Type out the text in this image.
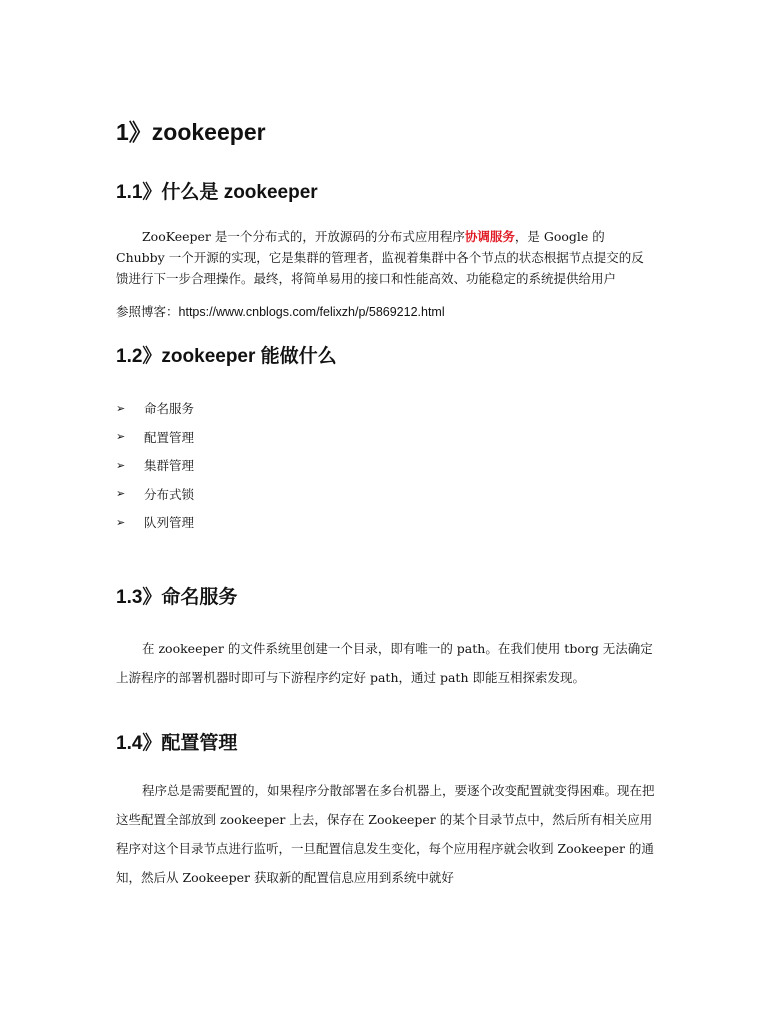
1》zookeeper
1.1》什么是 zookeeper
ZooKeeper 是一个分布式的，开放源码的分布式应用程序协调服务，是 Google 的 Chubby 一个开源的实现，它是集群的管理者，监视着集群中各个节点的状态根据节点提交的反馈进行下一步合理操作。最终，将简单易用的接口和性能高效、功能稳定的系统提供给用户
参照博客：https://www.cnblogs.com/felixzh/p/5869212.html
1.2》zookeeper 能做什么
➢	命名服务
➢	配置管理
➢	集群管理
➢	分布式锁
➢	队列管理
1.3》命名服务
在 zookeeper 的文件系统里创建一个目录，即有唯一的 path。在我们使用 tborg 无法确定上游程序的部署机器时即可与下游程序约定好 path，通过 path 即能互相探索发现。
1.4》配置管理
程序总是需要配置的，如果程序分散部署在多台机器上，要逐个改变配置就变得困难。现在把这些配置全部放到 zookeeper 上去，保存在 Zookeeper 的某个目录节点中，然后所有相关应用程序对这个目录节点进行监听，一旦配置信息发生变化，每个应用程序就会收到 Zookeeper 的通知，然后从 Zookeeper 获取新的配置信息应用到系统中就好
